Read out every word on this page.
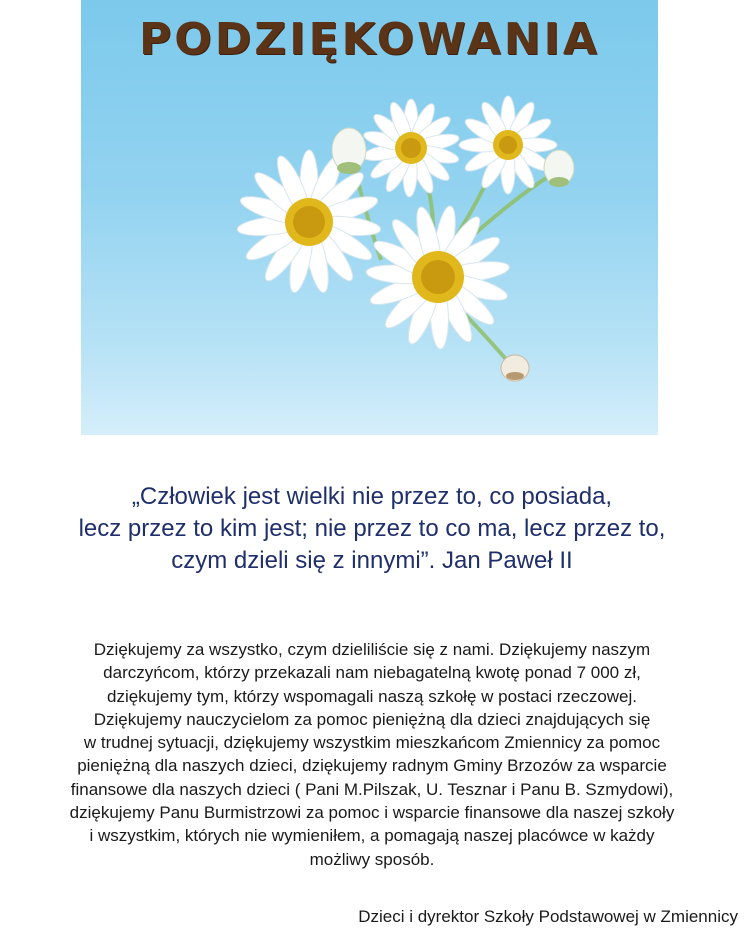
PODZIĘKOWANIA
„Człowiek jest wielki nie przez to, co posiada,
lecz przez to kim jest; nie przez to co ma, lecz przez to,
czym dzieli się z innymi”. Jan Paweł II
Dziękujemy za wszystko, czym dzieliliście się z nami. Dziękujemy naszym
darczyńcom, którzy przekazali nam niebagatelną kwotę ponad 7 000 zł,
dziękujemy tym, którzy wspomagali naszą szkołę w postaci rzeczowej.
Dziękujemy nauczycielom za pomoc pieniężną dla dzieci znajdujących się
w trudnej sytuacji, dziękujemy wszystkim mieszkańcom Zmiennicy za pomoc
pieniężną dla naszych dzieci, dziękujemy radnym Gminy Brzozów za wsparcie
finansowe dla naszych dzieci ( Pani M.Pilszak, U. Tesznar i Panu B. Szmydowi),
dziękujemy Panu Burmistrzowi za pomoc i wsparcie finansowe dla naszej szkoły
i wszystkim, których nie wymieniłem, a pomagają naszej placówce w każdy
możliwy sposób.
Dzieci i dyrektor Szkoły Podstawowej w Zmiennicy
